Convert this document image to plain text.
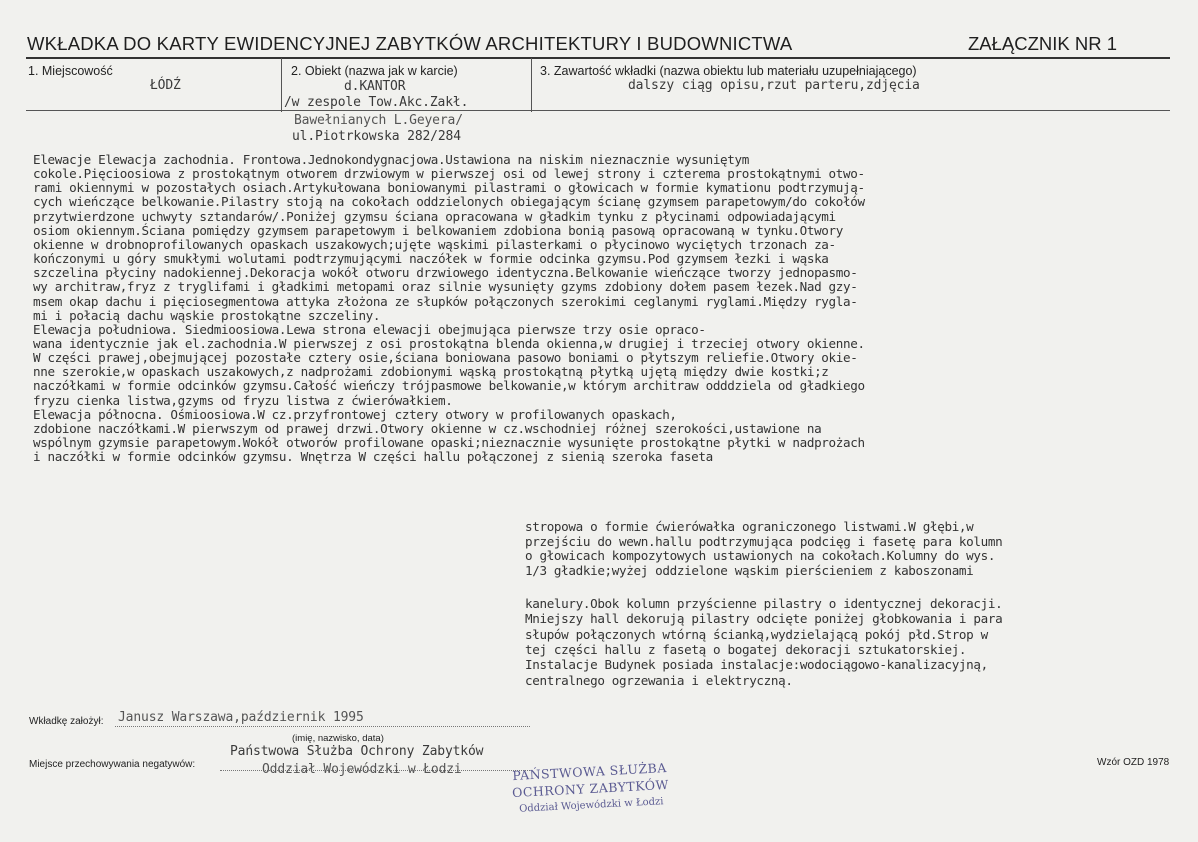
WKŁADKA DO KARTY EWIDENCYJNEJ ZABYTKÓW ARCHITEKTURY I BUDOWNICTWA	ZAŁĄCZNIK NR 1
1. Miejscowość
ŁÓDŹ
2. Obiekt (nazwa jak w karcie)
d.KANTOR
/w zespole Tow.Akc.Zakł.
Bawełnianych L.Geyera/
ul.Piotrkowska 282/284
3. Zawartość wkładki (nazwa obiektu lub materiału uzupełniającego)
dalszy ciąg opisu,rzut parteru,zdjęcia
Elewacje Elewacja zachodnia. Frontowa.Jednokondygnacjowa.Ustawiona na niskim nieznacznie wysuniętym
cokole.Pięcioosiowa z prostokątnym otworem drzwiowym w pierwszej osi od lewej strony i czterema prostokątnymi otwo-
rami okiennymi w pozostałych osiach.Artykułowana boniowanymi pilastrami o głowicach w formie kymationu podtrzymują-
cych wieńczące belkowanie.Pilastry stoją na cokołach oddzielonych obiegającym ścianę gzymsem parapetowym/do cokołów
przytwierdzone uchwyty sztandarów/.Poniżej gzymsu ściana opracowana w gładkim tynku z płycinami odpowiadającymi
osiom okiennym.Ściana pomiędzy gzymsem parapetowym i belkowaniem zdobiona bonią pasową opracowaną w tynku.Otwory
okienne w drobnoprofilowanych opaskach uszakowych;ujęte wąskimi pilasterkami o płycinowo wyciętych trzonach za-
kończonymi u góry smukłymi wolutami podtrzymującymi naczółek w formie odcinka gzymsu.Pod gzymsem łezki i wąska
szczelina płyciny nadokiennej.Dekoracja wokół otworu drzwiowego identyczna.Belkowanie wieńczące tworzy jednopasmo-
wy architraw,fryz z tryglifami i gładkimi metopami oraz silnie wysunięty gzyms zdobiony dołem pasem łezek.Nad gzy-
msem okap dachu i pięciosegmentowa attyka złożona ze słupków połączonych szerokimi ceglanymi ryglami.Między rygla-
mi i połacią dachu wąskie prostokątne szczeliny.
Elewacja południowa. Siedmioosiowa.Lewa strona elewacji obejmująca pierwsze trzy osie opraco-
wana identycznie jak el.zachodnia.W pierwszej z osi prostokątna blenda okienna,w drugiej i trzeciej otwory okienne.
W części prawej,obejmującej pozostałe cztery osie,ściana boniowana pasowo boniami o płytszym reliefie.Otwory okie-
nne szerokie,w opaskach uszakowych,z nadprożami zdobionymi wąską prostokątną płytką ujętą między dwie kostki;z
naczółkami w formie odcinków gzymsu.Całość wieńczy trójpasmowe belkowanie,w którym architraw odddziela od gładkiego
fryzu cienka listwa,gzyms od fryzu listwa z ćwierówałkiem.
Elewacja północna. Ośmioosiowa.W cz.przyfrontowej cztery otwory w profilowanych opaskach,
zdobione naczółkami.W pierwszym od prawej drzwi.Otwory okienne w cz.wschodniej różnej szerokości,ustawione na
wspólnym gzymsie parapetowym.Wokół otworów profilowane opaski;nieznacznie wysunięte prostokątne płytki w nadprożach
i naczółki w formie odcinków gzymsu. Wnętrza W części hallu połączonej z sienią szeroka faseta
stropowa o formie ćwierówałka ograniczonego listwami.W głębi,w
przejściu do wewn.hallu podtrzymująca podcięg i fasetę para kolumn
o głowicach kompozytowych ustawionych na cokołach.Kolumny do wys.
1/3 gładkie;wyżej oddzielone wąskim pierścieniem z kaboszonami
kanelury.Obok kolumn przyścienne pilastry o identycznej dekoracji.
Mniejszy hall dekorują pilastry odcięte poniżej głobkowania i para
słupów połączonych wtórną ścianką,wydzielającą pokój płd.Strop w
tej części hallu z fasetą o bogatej dekoracji sztukatorskiej.
Instalacje Budynek posiada instalacje:wodociągowo-kanalizacyjną,
centralnego ogrzewania i elektryczną.
Wkładkę założył: Janusz Warszawa,październik 1995
(imię, nazwisko, data)
Miejsce przechowywania negatywów:
Państwowa Służba Ochrony Zabytków
Oddział Wojewódzki w Łodzi	Wzór OZD 1978
PAŃSTWOWA SŁUŻBA
OCHRONY ZABYTKÓW
Oddział Wojewódzki w Łodzi
